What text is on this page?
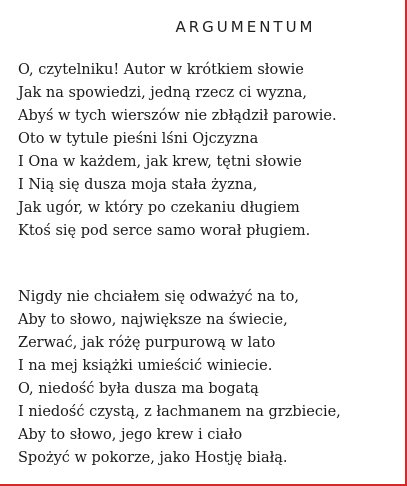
ARGUMENTUM
O, czytelniku! Autor w krótkiem słowie
Jak na spowiedzi, jedną rzecz ci wyzna,
Abyś w tych wierszów nie zbłądził parowie.
Oto w tytule pieśni lśni Ojczyzna
I Ona w każdem, jak krew, tętni słowie
I Nią się dusza moja stała żyzna,
Jak ugór, w który po czekaniu długiem
Ktoś się pod serce samo worał pługiem.
Nigdy nie chciałem się odważyć na to,
Aby to słowo, największe na świecie,
Zerwać, jak różę purpurową w lato
I na mej książki umieścić winiecie.
O, niedość była dusza ma bogatą
I niedość czystą, z łachmanem na grzbiecie,
Aby to słowo, jego krew i ciało
Spożyć w pokorze, jako Hostję białą.
